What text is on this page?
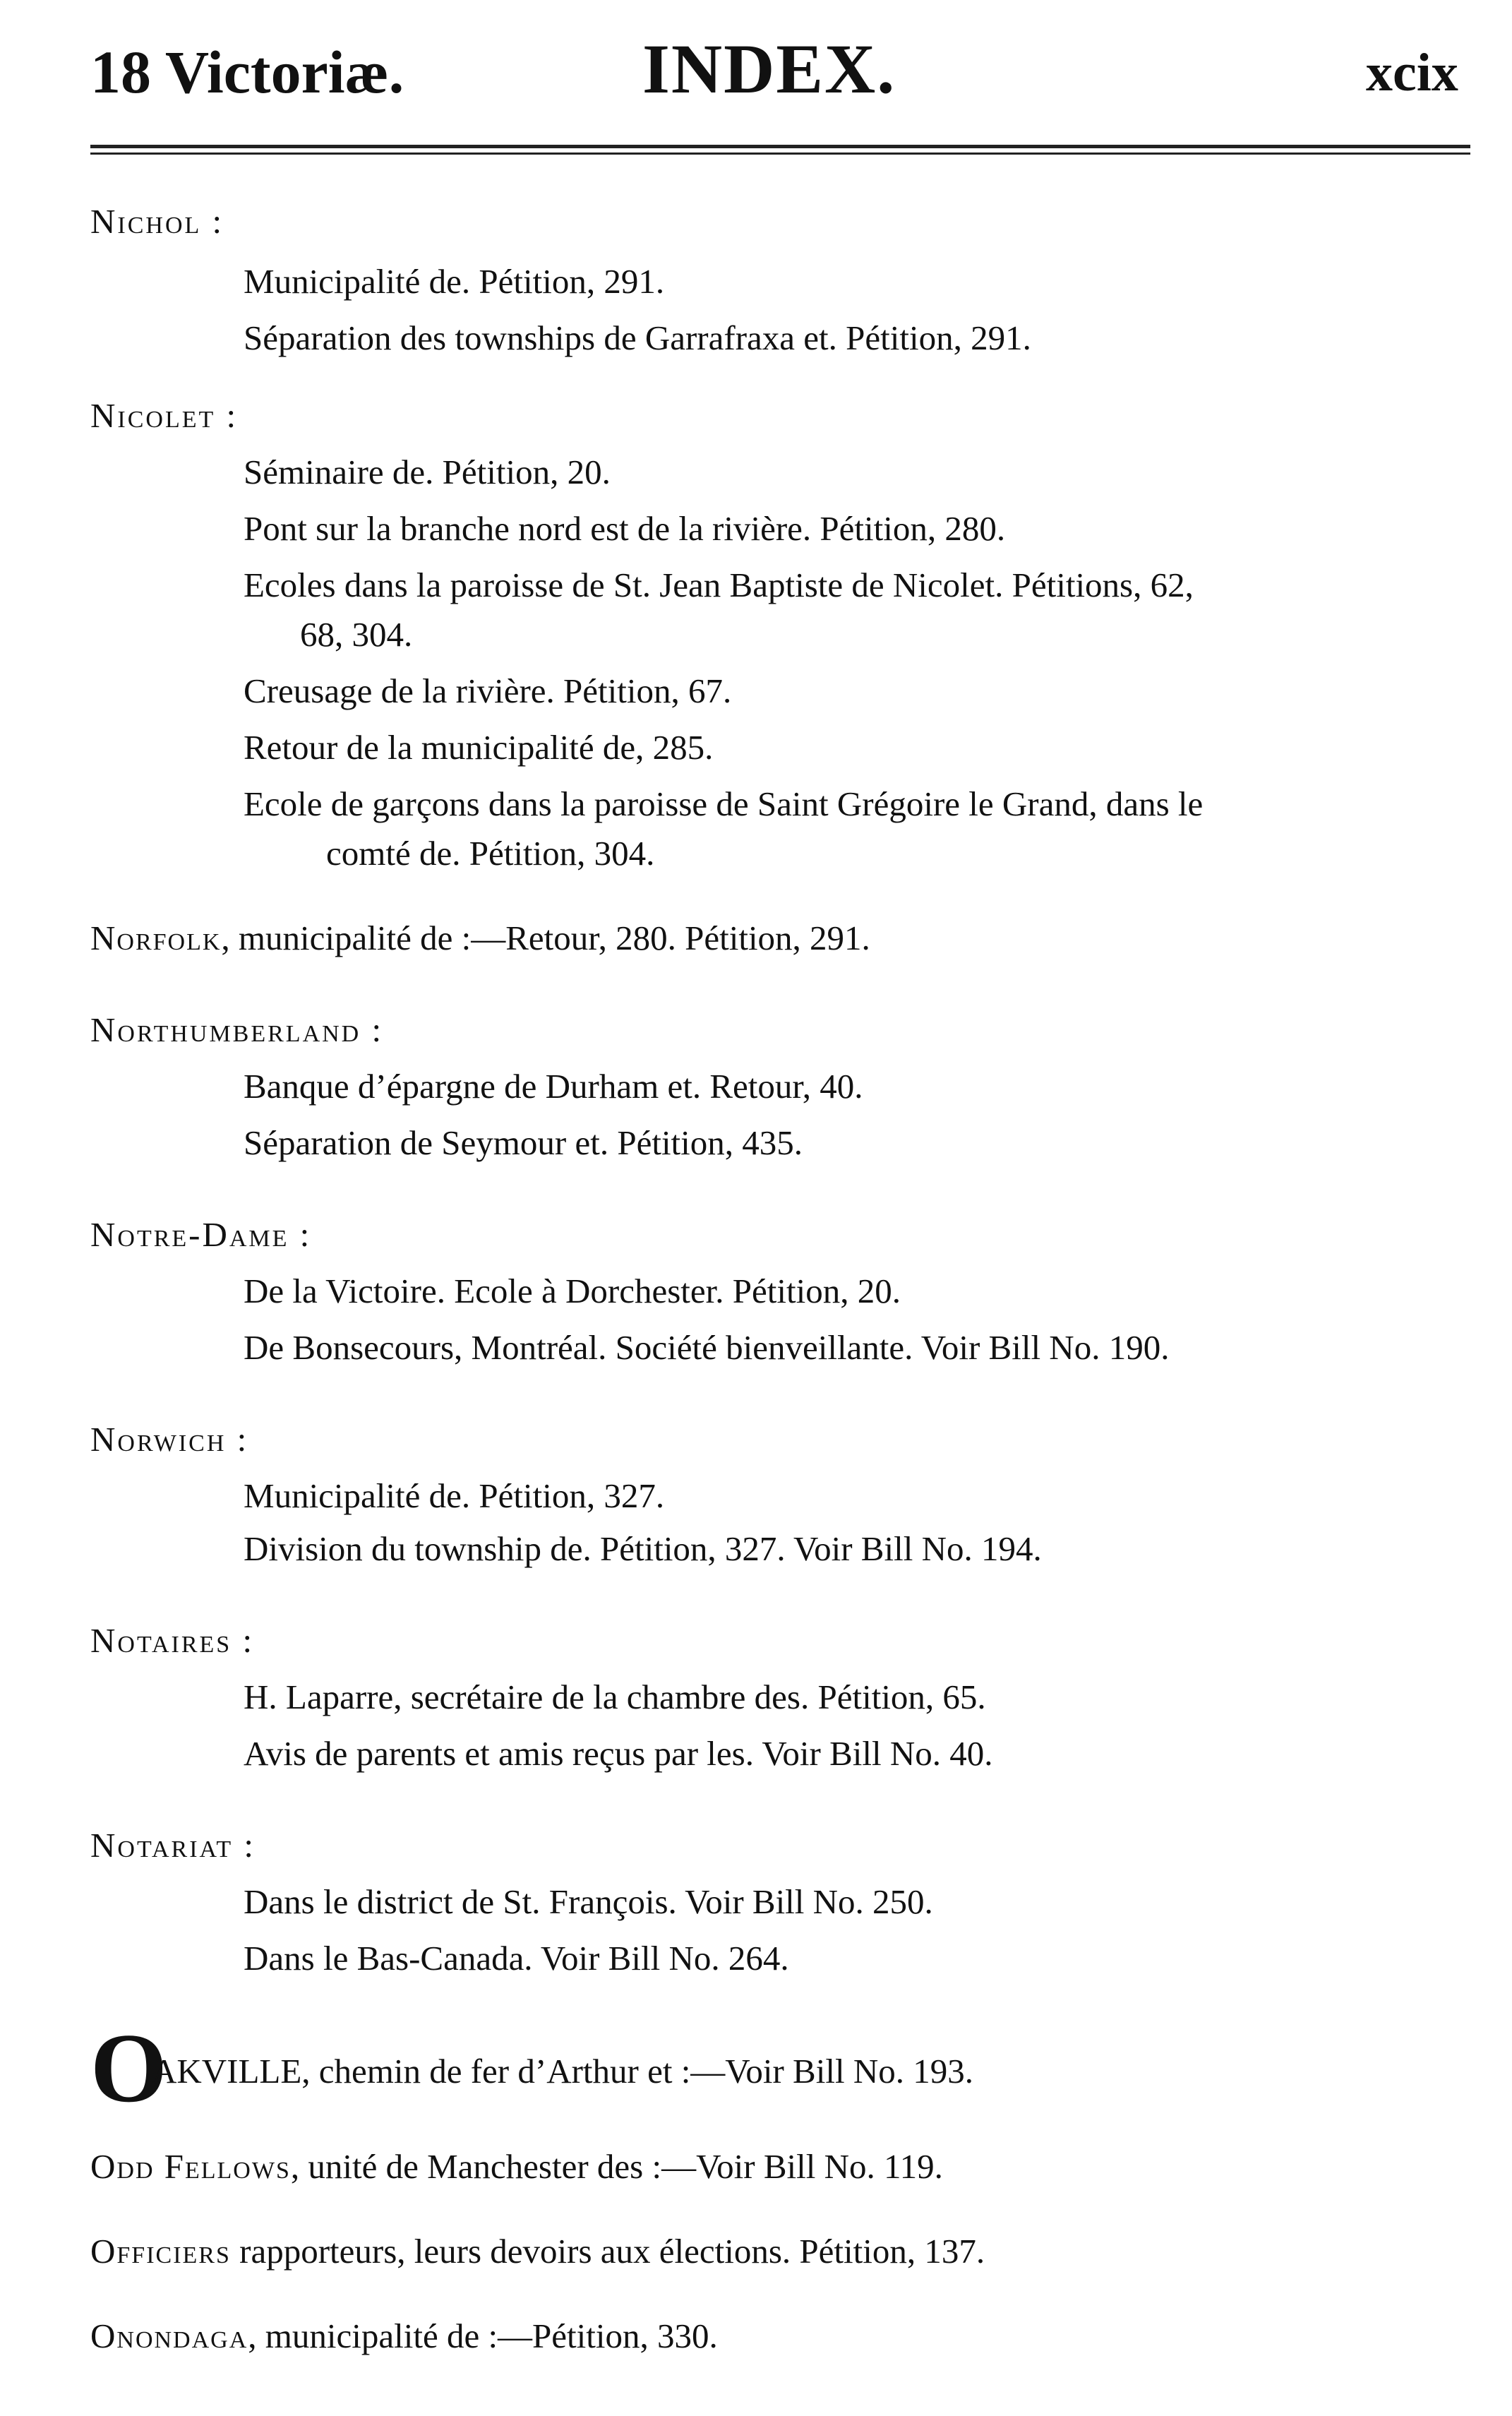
18 Victoriæ.	INDEX.	xcix
Nichol :
Municipalité de. Pétition, 291.
Séparation des townships de Garrafraxa et. Pétition, 291.
Nicolet :
Séminaire de. Pétition, 20.
Pont sur la branche nord est de la rivière. Pétition, 280.
Ecoles dans la paroisse de St. Jean Baptiste de Nicolet. Pétitions, 62,
68, 304.
Creusage de la rivière. Pétition, 67.
Retour de la municipalité de, 285.
Ecole de garçons dans la paroisse de Saint Grégoire le Grand, dans le
comté de. Pétition, 304.
Norfolk, municipalité de :—Retour, 280. Pétition, 291.
Northumberland :
Banque d’épargne de Durham et. Retour, 40.
Séparation de Seymour et. Pétition, 435.
Notre-Dame :
De la Victoire. Ecole à Dorchester. Pétition, 20.
De Bonsecours, Montréal. Société bienveillante. Voir Bill No. 190.
Norwich :
Municipalité de. Pétition, 327.
Division du township de. Pétition, 327. Voir Bill No. 194.
Notaires :
H. Laparre, secrétaire de la chambre des. Pétition, 65.
Avis de parents et amis reçus par les. Voir Bill No. 40.
Notariat :
Dans le district de St. François. Voir Bill No. 250.
Dans le Bas-Canada. Voir Bill No. 264.
O
AKVILLE, chemin de fer d’Arthur et :—Voir Bill No. 193.
Odd Fellows, unité de Manchester des :—Voir Bill No. 119.
Officiers rapporteurs, leurs devoirs aux élections. Pétition, 137.
Onondaga, municipalité de :—Pétition, 330.
